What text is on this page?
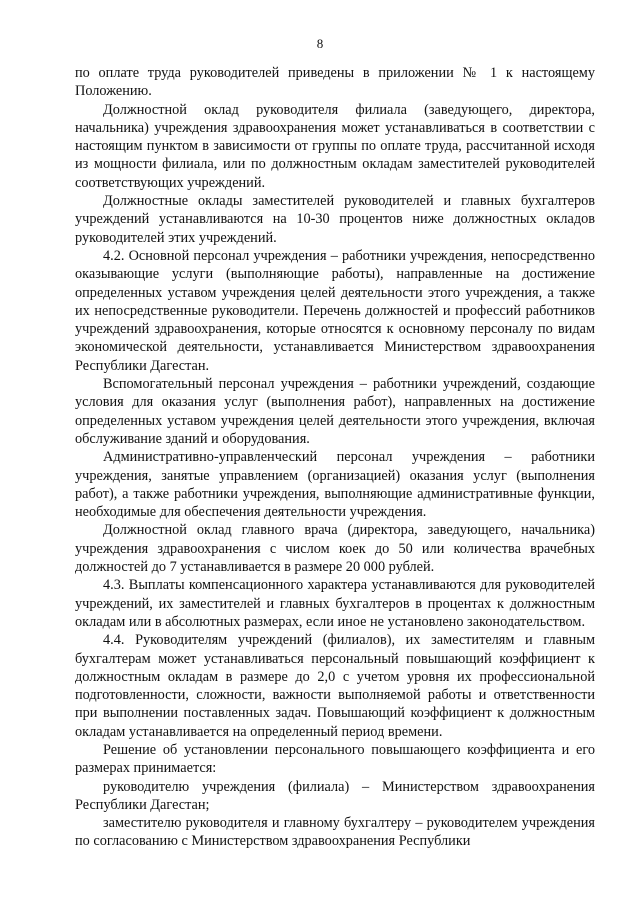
8

по оплате труда руководителей приведены в приложении № 1 к настоящему Положению.

Должностной оклад руководителя филиала (заведующего, директора, начальника) учреждения здравоохранения может устанавливаться в соответствии с настоящим пунктом в зависимости от группы по оплате труда, рассчитанной исходя из мощности филиала, или по должностным окладам заместителей руководителей соответствующих учреждений.

Должностные оклады заместителей руководителей и главных бухгалтеров учреждений устанавливаются на 10-30 процентов ниже должностных окладов руководителей этих учреждений.

4.2. Основной персонал учреждения – работники учреждения, непосредственно оказывающие услуги (выполняющие работы), направленные на достижение определенных уставом учреждения целей деятельности этого учреждения, а также их непосредственные руководители. Перечень должностей и профессий работников учреждений здравоохранения, которые относятся к основному персоналу по видам экономической деятельности, устанавливается Министерством здравоохранения Республики Дагестан.

Вспомогательный персонал учреждения – работники учреждений, создающие условия для оказания услуг (выполнения работ), направленных на достижение определенных уставом учреждения целей деятельности этого учреждения, включая обслуживание зданий и оборудования.

Административно-управленческий персонал учреждения – работники учреждения, занятые управлением (организацией) оказания услуг (выполнения работ), а также работники учреждения, выполняющие административные функции, необходимые для обеспечения деятельности учреждения.

Должностной оклад главного врача (директора, заведующего, начальника) учреждения здравоохранения с числом коек до 50 или количества врачебных должностей до 7 устанавливается в размере 20 000 рублей.

4.3. Выплаты компенсационного характера устанавливаются для руководителей учреждений, их заместителей и главных бухгалтеров в процентах к должностным окладам или в абсолютных размерах, если иное не установлено законодательством.

4.4. Руководителям учреждений (филиалов), их заместителям и главным бухгалтерам может устанавливаться персональный повышающий коэффициент к должностным окладам в размере до 2,0 с учетом уровня их профессиональной подготовленности, сложности, важности выполняемой работы и ответственности при выполнении поставленных задач. Повышающий коэффициент к должностным окладам устанавливается на определенный период времени.

Решение об установлении персонального повышающего коэффициента и его размерах принимается:

руководителю учреждения (филиала) – Министерством здравоохранения Республики Дагестан;

заместителю руководителя и главному бухгалтеру – руководителем учреждения по согласованию с Министерством здравоохранения Республики
